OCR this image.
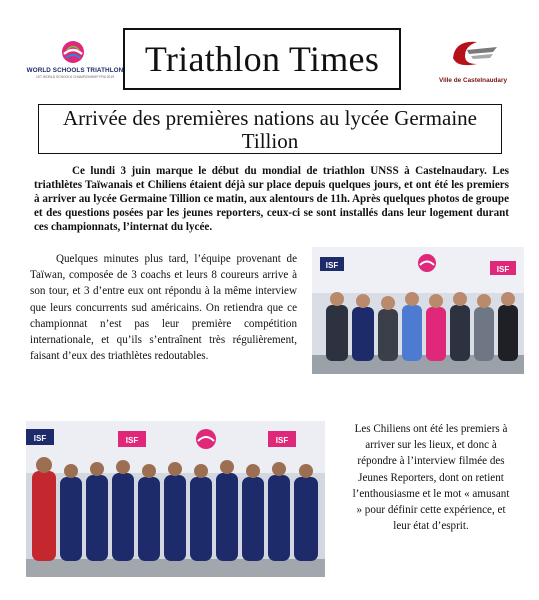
WORLD SCHOOLS TRIATHLON
1ST WORLD SCHOOLS CHAMPIONSHIP FRA 2019 Triathlon Times
Ville de Castelnaudary
Arrivée des premières nations au lycée Germaine Tillion
Ce lundi 3 juin marque le début du mondial de triathlon UNSS à Castelnaudary. Les triathlètes Taïwanais et Chiliens étaient déjà sur place depuis quelques jours, et ont été les premiers à arriver au lycée Germaine Tillion ce matin, aux alentours de 11h. Après quelques photos de groupe et des questions posées par les jeunes reporters, ceux-ci se sont installés dans leur logement durant ces championnats, l’internat du lycée.
Quelques minutes plus tard, l’équipe provenant de Taïwan, composée de 3 coachs et leurs 8 coureurs arrive à son tour, et 3 d’entre eux ont répondu à la même interview que leurs concurrents sud américains. On retiendra que ce championnat n’est pas leur première compétition internationale, et qu’ils s’entraînent très régulièrement, faisant d’eux des triathlètes redoutables.
ISF	ISF
ISF	ISF	ISF
Les Chiliens ont été les premiers à arriver sur les lieux, et donc à répondre à l’interview filmée des Jeunes Reporters, dont on retient l’enthousiasme et le mot « amusant » pour définir cette expérience, et leur état d’esprit.
